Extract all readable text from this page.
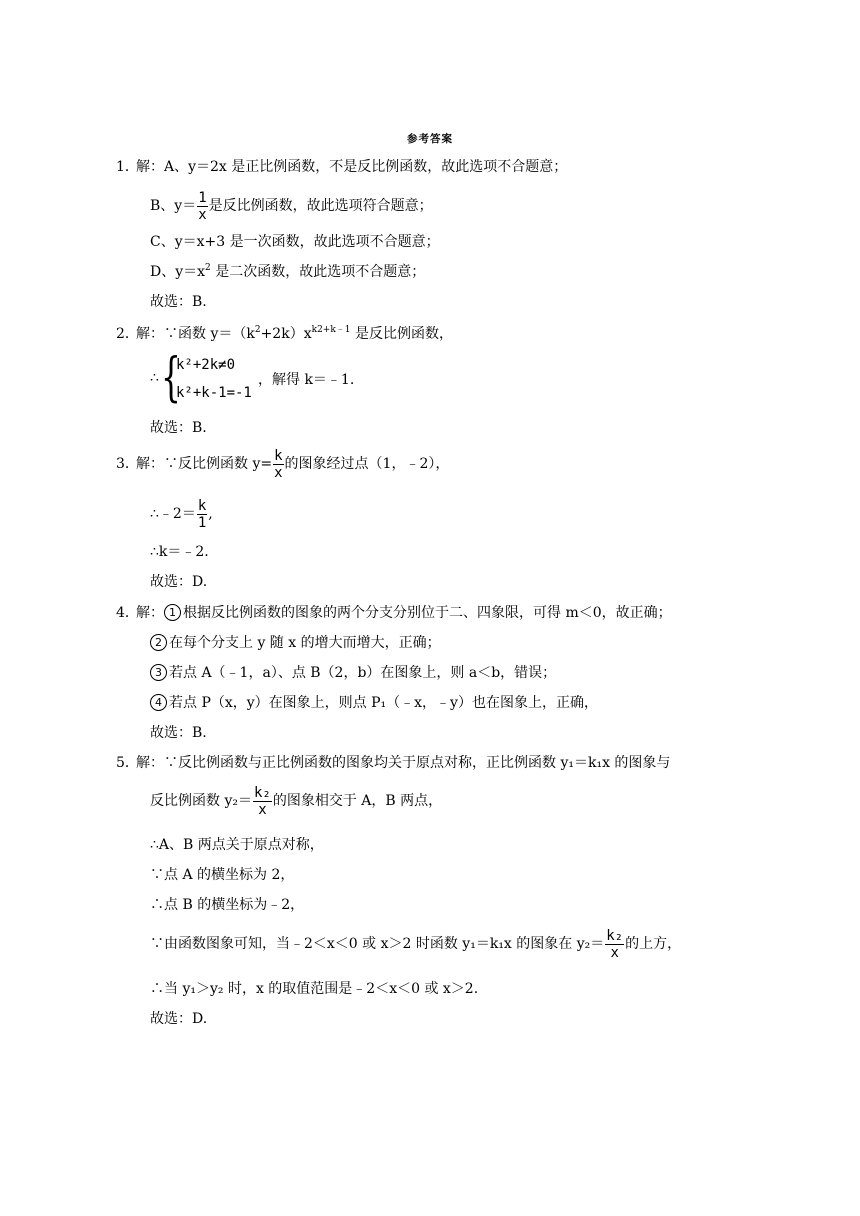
参考答案
1．
解：A、y＝2x 是正比例函数，不是反比例函数，故此选项不合题意；
B、$y= \frac{1}{x}$ 是反比例函数，故此选项符合题意；
C、y＝x+3 是一次函数，故此选项不合题意；
D、$y=x^2$ 是二次函数，故此选项不合题意；
故选：B.
2．
解：∵函数 $y=(k^2+2k)x^{k2+k﹣1}$ 是反比例函数，
∴ {
k²+2k≠0
k²+k-1=-1
，解得 k＝﹣1.
故选：B.
3．
解：∵反比例函数 $y= \frac{k}{x}$ 的图象经过点（1，﹣2），
∴﹣2＝ $\frac{k}{1}$ ,
∴k＝﹣2.
故选：D.
4．
解： 1 根据反比例函数的图象的两个分支分别位于二、四象限，可得 m＜0，故正确；
2 在每个分支上 y 随 x 的增大而增大，正确；
3 若点 A（﹣1，a）、点 B（2，b）在图象上，则 a＜b，错误；
4 若点 P（x，y）在图象上，则点 P₁（﹣x，﹣y）也在图象上，正确，
故选：B.
5．
解：∵反比例函数与正比例函数的图象均关于原点对称，正比例函数 y₁＝k₁x 的图象与
反比例函数 $y_2= \frac{\text{k₂}}{x}$ 的图象相交于 A，B 两点，
∴A、B 两点关于原点对称，
∵点 A 的横坐标为 2，
∴点 B 的横坐标为﹣2，
∵由函数图象可知，当﹣2＜x＜0 或 x＞2 时函数 y₁＝k₁x 的图象在 $y_2= \frac{\text{k₂}}{x}$ 的上方，
∴当 y₁＞y₂ 时，x 的取值范围是﹣2＜x＜0 或 x＞2.
故选：D.
